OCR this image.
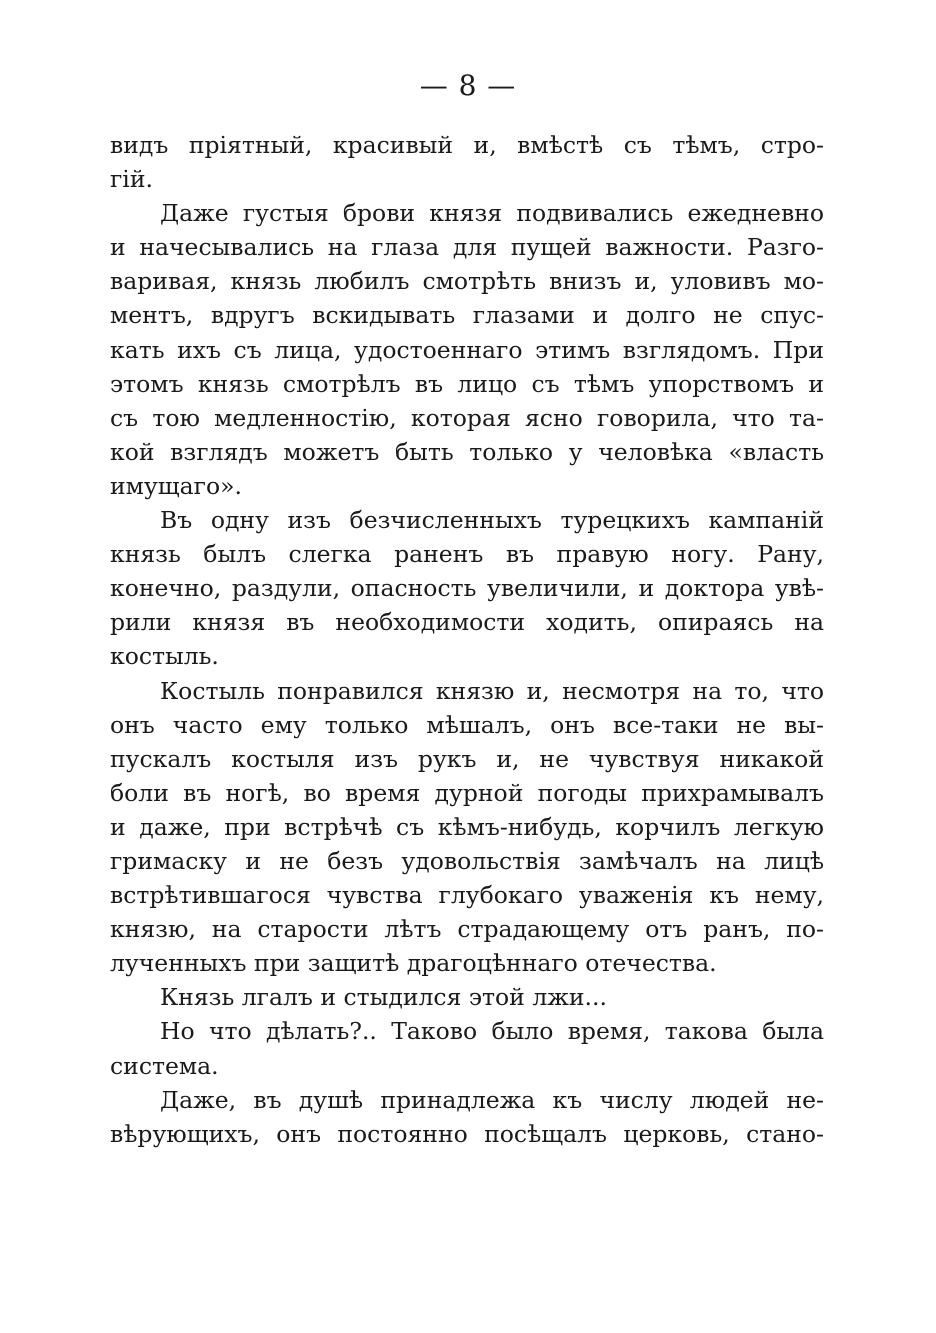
— 8 —
видъ пріятный, красивый и, вмѣстѣ съ тѣмъ, стро-
гій.
Даже густыя брови князя подвивались ежедневно
и начесывались на глаза для пущей важности. Разго-
варивая, князь любилъ смотрѣть внизъ и, уловивъ мо-
ментъ, вдругъ вскидывать глазами и долго не спус-
кать ихъ съ лица, удостоеннаго этимъ взглядомъ. При
этомъ князь смотрѣлъ въ лицо съ тѣмъ упорствомъ и
съ тою медленностію, которая ясно говорила, что та-
кой взглядъ можетъ быть только у человѣка «власть
имущаго».
Въ одну изъ безчисленныхъ турецкихъ кампаній
князь былъ слегка раненъ въ правую ногу. Рану,
конечно, раздули, опасность увеличили, и доктора увѣ-
рили князя въ необходимости ходить, опираясь на
костыль.
Костыль понравился князю и, несмотря на то, что
онъ часто ему только мѣшалъ, онъ все-таки не вы-
пускалъ костыля изъ рукъ и, не чувствуя никакой
боли въ ногѣ, во время дурной погоды прихрамывалъ
и даже, при встрѣчѣ съ кѣмъ-нибудь, корчилъ легкую
гримаску и не безъ удовольствія замѣчалъ на лицѣ
встрѣтившагося чувства глубокаго уваженія къ нему,
князю, на старости лѣтъ страдающему отъ ранъ, по-
лученныхъ при защитѣ драгоцѣннаго отечества.
Князь лгалъ и стыдился этой лжи...
Но что дѣлать?.. Таково было время, такова была
система.
Даже, въ душѣ принадлежа къ числу людей не-
вѣрующихъ, онъ постоянно посѣщалъ церковь, стано-
